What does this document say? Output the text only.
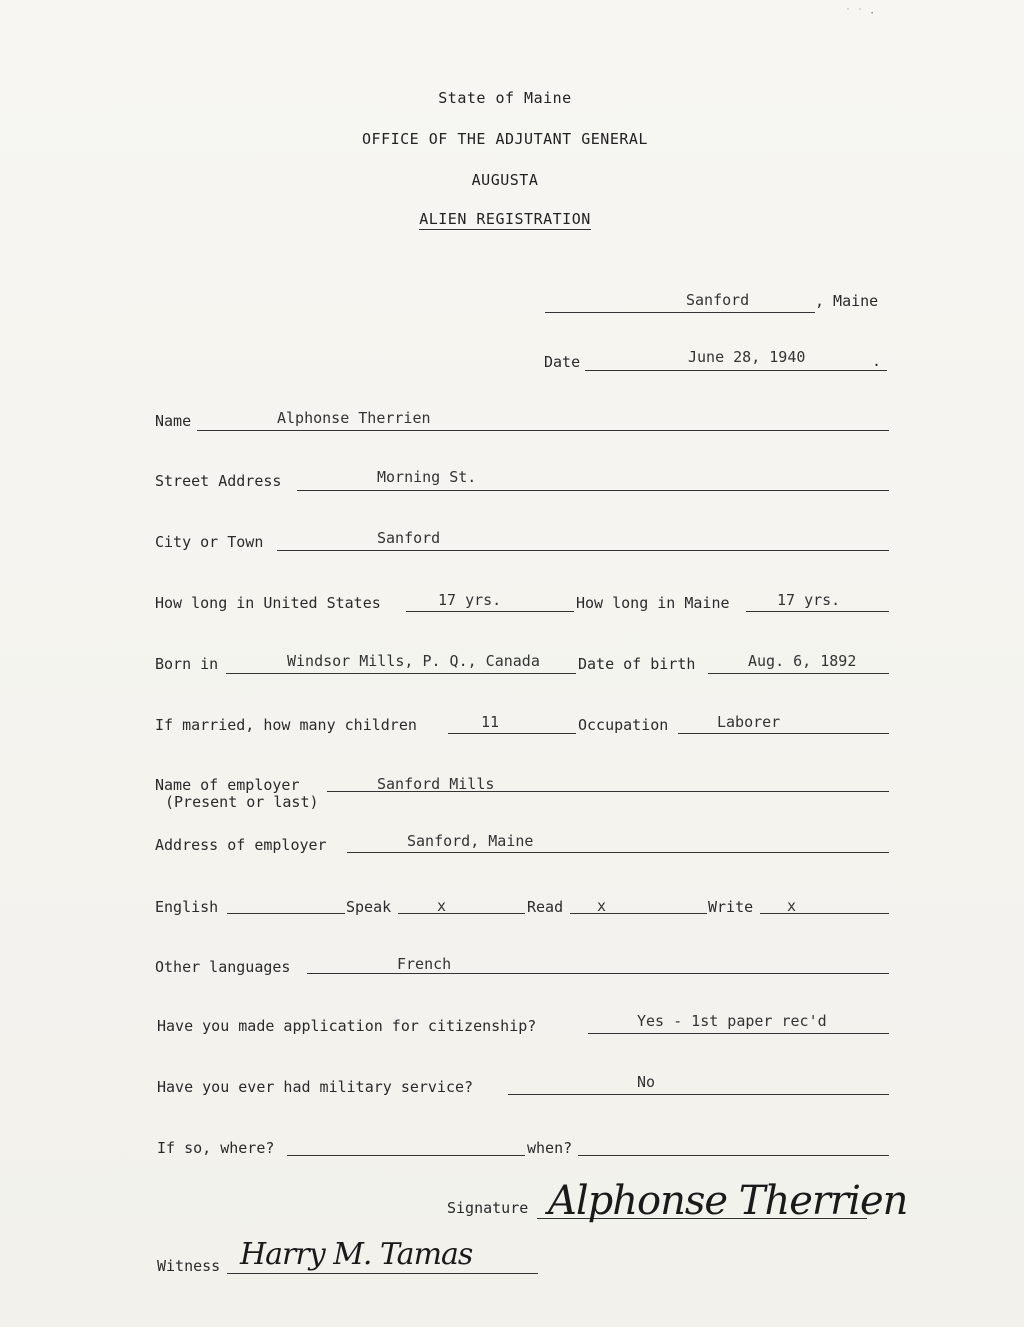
State of Maine
OFFICE OF THE ADJUTANT GENERAL
AUGUSTA
ALIEN REGISTRATION
˙ ˙ ·
Sanford	, Maine
Date	June 28, 1940	.
Name	Alphonse Therrien
Street Address	Morning St.
City or Town	Sanford
How long in United States	17 yrs.	How long in Maine	17 yrs.
Born in	Windsor Mills, P. Q., Canada	Date of birth	Aug. 6, 1892
If married, how many children	11	Occupation	Laborer
Name of employer
(Present or last)
Sanford Mills
Address of employer	Sanford, Maine
English	Speak	x	Read x	Write x
Other languages	French
Have you made application for citizenship?	Yes - 1st paper rec'd
Have you ever had military service?	No
If so, where?	when?
Signature Alphonse Therrien
Witness Harry M. Tamas
